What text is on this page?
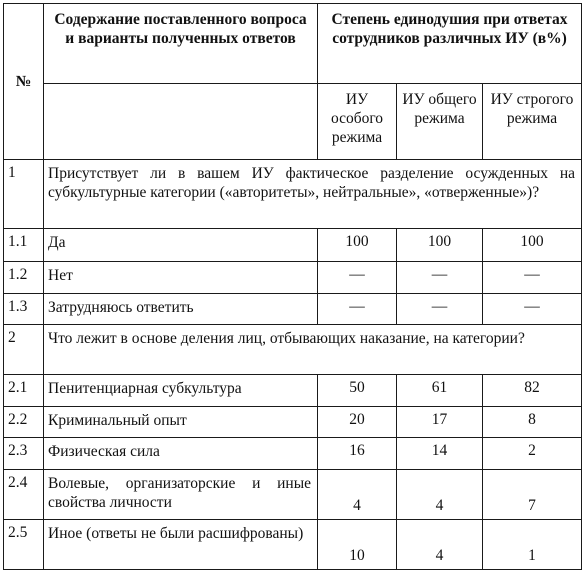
№	Содержание поставленного вопроса и варианты полученных ответов	Степень единодушия при ответах сотрудников различных ИУ (в%)		
		ИУ особого режима	ИУ общего режима	ИУ строгого режима
1	Присутствует ли в вашем ИУ фактическое разделение осужденных на субкультурные категории («авторитеты», нейтральные», «отверженные»)?			
1.1	Да	100	100	100
1.2	Нет	—	—	—
1.3	Затрудняюсь ответить	—	—	—
2	Что лежит в основе деления лиц, отбывающих наказание, на категории?			
2.1	Пенитенциарная субкультура	50	61	82
2.2	Криминальный опыт	20	17	8
2.3	Физическая сила	16	14	2
2.4	Волевые, организаторские и иные свойства личности	4	4	7
2.5	Иное (ответы не были расшифрованы)	10	4	1
